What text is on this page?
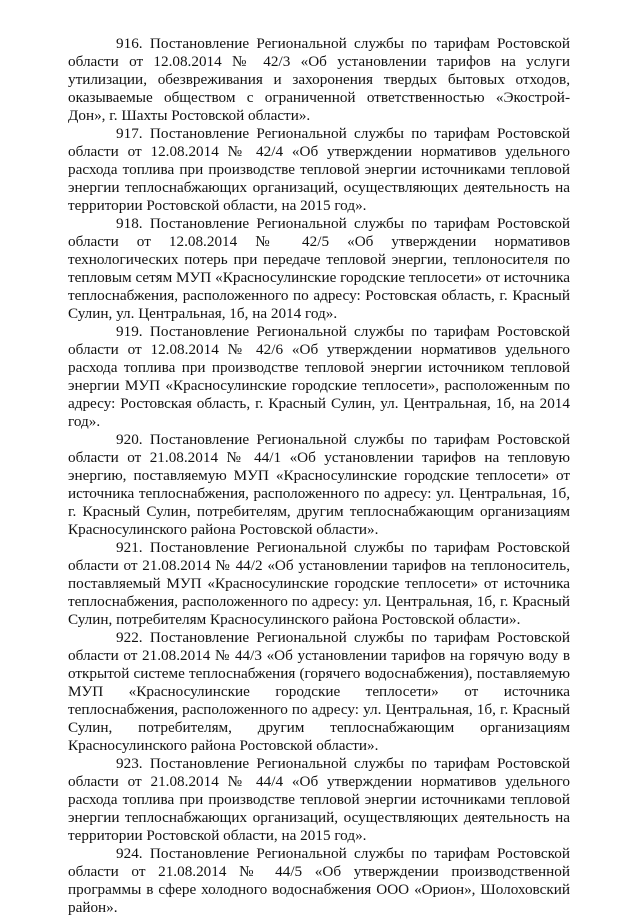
916. Постановление Региональной службы по тарифам Ростовской области от 12.08.2014 № 42/3 «Об установлении тарифов на услуги утилизации, обезвреживания и захоронения твердых бытовых отходов, оказываемые обществом с ограниченной ответственностью «Экострой-Дон», г. Шахты Ростовской области».

917. Постановление Региональной службы по тарифам Ростовской области от 12.08.2014 № 42/4 «Об утверждении нормативов удельного расхода топлива при производстве тепловой энергии источниками тепловой энергии теплоснабжающих организаций, осуществляющих деятельность на территории Ростовской области, на 2015 год».

918. Постановление Региональной службы по тарифам Ростовской области от 12.08.2014 № 42/5 «Об утверждении нормативов технологических потерь при передаче тепловой энергии, теплоносителя по тепловым сетям МУП «Красносулинские городские теплосети» от источника теплоснабжения, расположенного по адресу: Ростовская область, г. Красный Сулин, ул. Центральная, 1б, на 2014 год».

919. Постановление Региональной службы по тарифам Ростовской области от 12.08.2014 № 42/6 «Об утверждении нормативов удельного расхода топлива при производстве тепловой энергии источником тепловой энергии МУП «Красносулинские городские теплосети», расположенным по адресу: Ростовская область, г. Красный Сулин, ул. Центральная, 1б, на 2014 год».

920. Постановление Региональной службы по тарифам Ростовской области от 21.08.2014 № 44/1 «Об установлении тарифов на тепловую энергию, поставляемую МУП «Красносулинские городские теплосети» от источника теплоснабжения, расположенного по адресу: ул. Центральная, 1б, г. Красный Сулин, потребителям, другим теплоснабжающим организациям Красносулинского района Ростовской области».

921. Постановление Региональной службы по тарифам Ростовской области от 21.08.2014 № 44/2 «Об установлении тарифов на теплоноситель, поставляемый МУП «Красносулинские городские теплосети» от источника теплоснабжения, расположенного по адресу: ул. Центральная, 1б, г. Красный Сулин, потребителям Красносулинского района Ростовской области».

922. Постановление Региональной службы по тарифам Ростовской области от 21.08.2014 № 44/3 «Об установлении тарифов на горячую воду в открытой системе теплоснабжения (горячего водоснабжения), поставляемую МУП «Красносулинские городские теплосети» от источника теплоснабжения, расположенного по адресу: ул. Центральная, 1б, г. Красный Сулин, потребителям, другим теплоснабжающим организациям Красносулинского района Ростовской области».

923. Постановление Региональной службы по тарифам Ростовской области от 21.08.2014 № 44/4 «Об утверждении нормативов удельного расхода топлива при производстве тепловой энергии источниками тепловой энергии теплоснабжающих организаций, осуществляющих деятельность на территории Ростовской области, на 2015 год».

924. Постановление Региональной службы по тарифам Ростовской области от 21.08.2014 № 44/5 «Об утверждении производственной программы в сфере холодного водоснабжения ООО «Орион», Шолоховский район».
